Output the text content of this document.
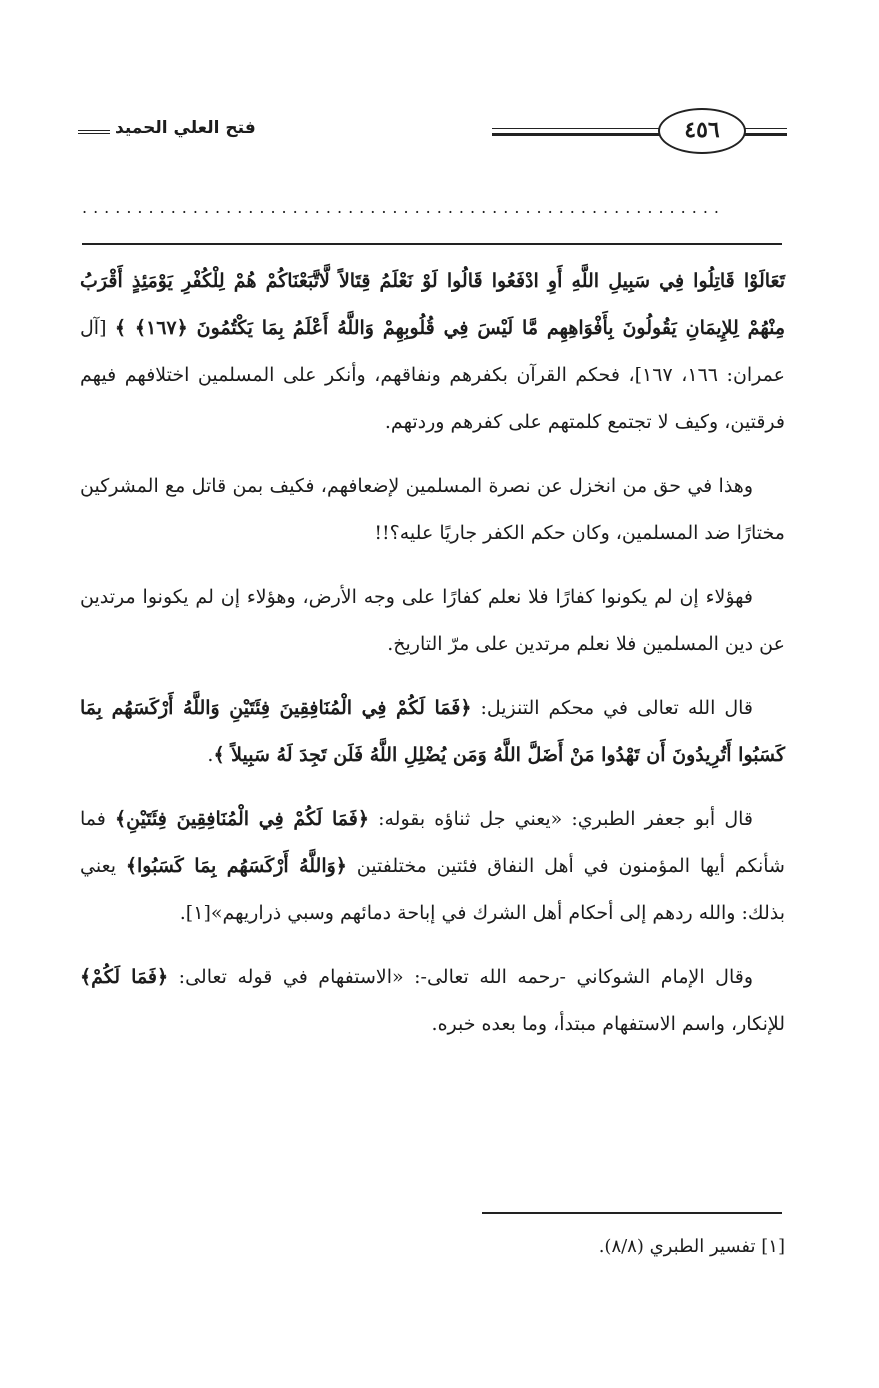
فتح العلي الحميد	٤٥٦
..........................................................

تَعَالَوْا قَاتِلُوا فِي سَبِيلِ اللَّهِ أَوِ ادْفَعُوا قَالُوا لَوْ نَعْلَمُ قِتَالاً لَّاتَّبَعْنَاكُمْ هُمْ لِلْكُفْرِ يَوْمَئِذٍ أَقْرَبُ مِنْهُمْ لِلإِيمَانِ يَقُولُونَ بِأَفْوَاهِهِم مَّا لَيْسَ فِي قُلُوبِهِمْ وَاللَّهُ أَعْلَمُ بِمَا يَكْتُمُونَ ﴿١٦٧﴾ ﴾ [آل عمران: ١٦٦، ١٦٧]، فحكم القرآن بكفرهم ونفاقهم، وأنكر على المسلمين اختلافهم فيهم فرقتين، وكيف لا تجتمع كلمتهم على كفرهم وردتهم.

وهذا في حق من انخزل عن نصرة المسلمين لإضعافهم، فكيف بمن قاتل مع المشركين مختارًا ضد المسلمين، وكان حكم الكفر جاريًا عليه؟!!

فهؤلاء إن لم يكونوا كفارًا فلا نعلم كفارًا على وجه الأرض، وهؤلاء إن لم يكونوا مرتدين عن دين المسلمين فلا نعلم مرتدين على مرّ التاريخ.

قال الله تعالى في محكم التنزيل: ﴿فَمَا لَكُمْ فِي الْمُنَافِقِينَ فِئَتَيْنِ وَاللَّهُ أَرْكَسَهُم بِمَا كَسَبُوا أَتُرِيدُونَ أَن تَهْدُوا مَنْ أَضَلَّ اللَّهُ وَمَن يُضْلِلِ اللَّهُ فَلَن تَجِدَ لَهُ سَبِيلاً ﴾.

قال أبو جعفر الطبري: «يعني جل ثناؤه بقوله: ﴿فَمَا لَكُمْ فِي الْمُنَافِقِينَ فِئَتَيْنِ﴾ فما شأنكم أيها المؤمنون في أهل النفاق فئتين مختلفتين ﴿وَاللَّهُ أَرْكَسَهُم بِمَا كَسَبُوا﴾ يعني بذلك: والله ردهم إلى أحكام أهل الشرك في إباحة دمائهم وسبي ذراريهم»[١].

وقال الإمام الشوكاني -رحمه الله تعالى-: «الاستفهام في قوله تعالى: ﴿فَمَا لَكُمْ﴾ للإنكار، واسم الاستفهام مبتدأ، وما بعده خبره.

[١] تفسير الطبري (٨/٨).
